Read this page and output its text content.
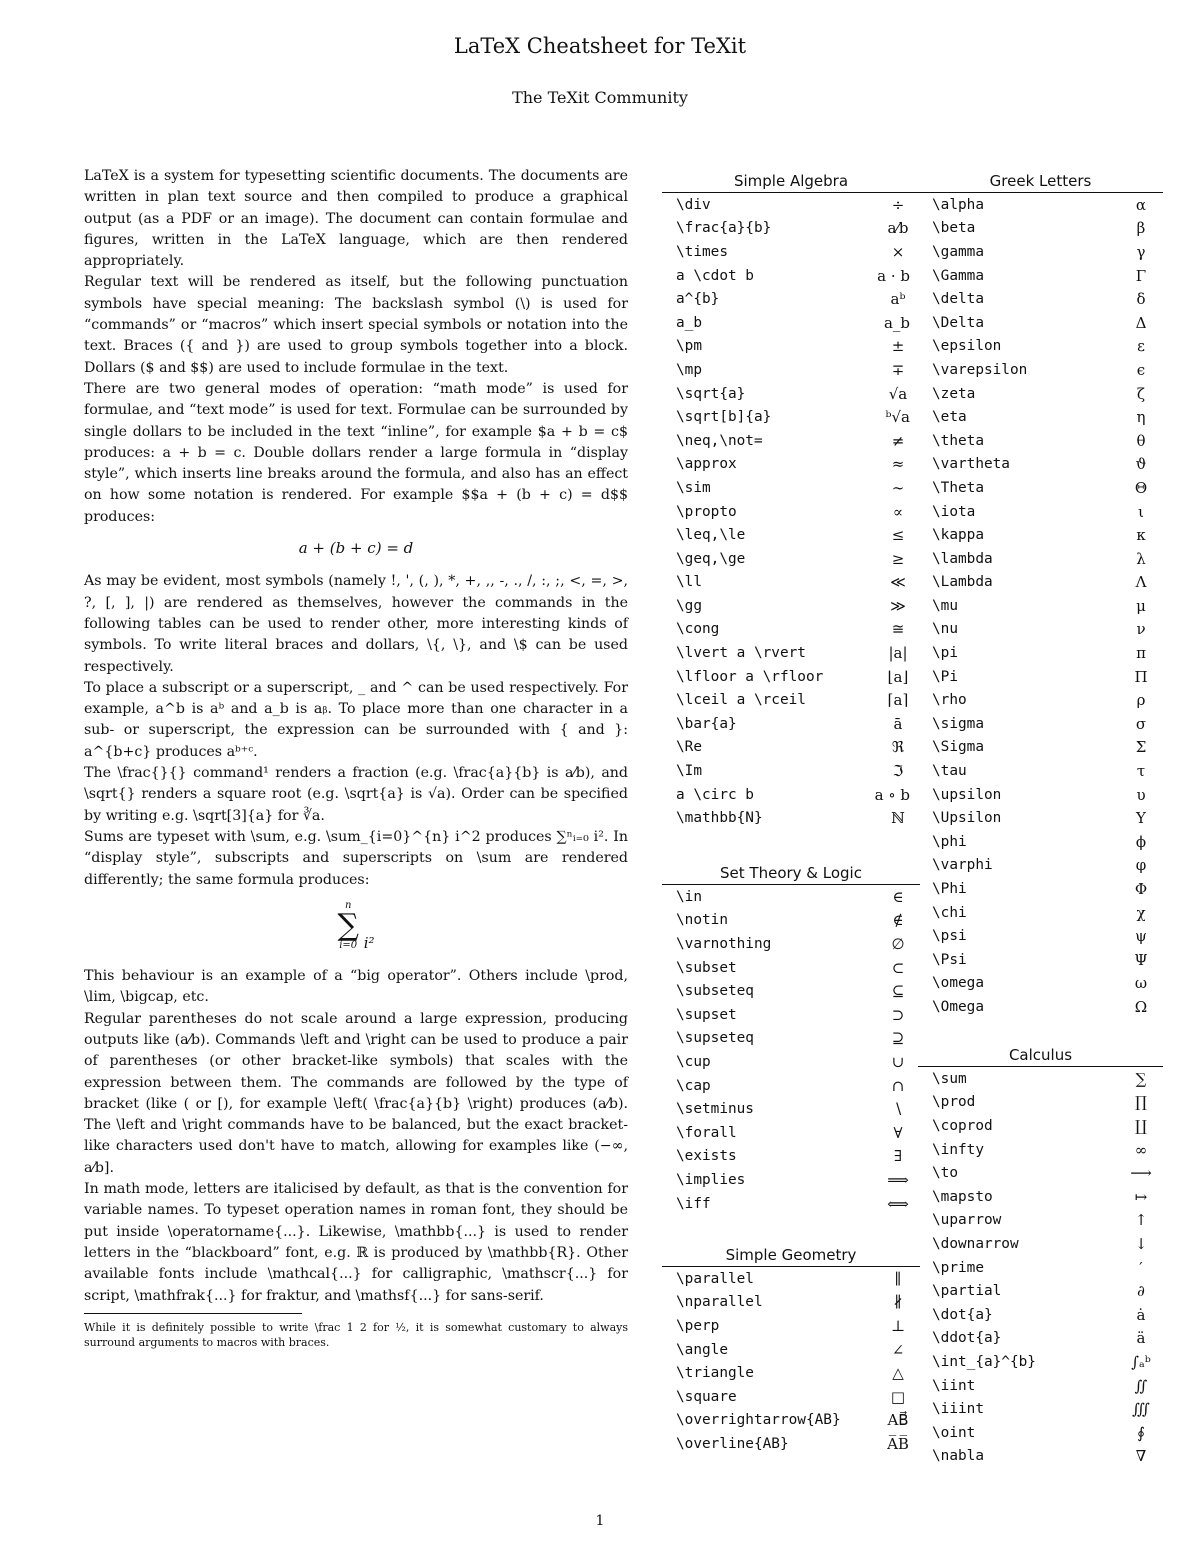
LaTeX Cheatsheet for TeXit
The TeXit Community

LaTeX is a system for typesetting scientific documents. The documents are written in plan text source and then compiled to produce a graphical output (as a PDF or an image). The document can contain formulae and figures, written in the LaTeX language, which are then rendered appropriately.

Regular text will be rendered as itself, but the following punctuation symbols have special meaning: The backslash symbol (\) is used for “commands” or “macros” which insert special symbols or notation into the text. Braces ({ and }) are used to group symbols together into a block. Dollars ($ and $$) are used to include formulae in the text.

There are two general modes of operation: “math mode” is used for formulae, and “text mode” is used for text. Formulae can be surrounded by single dollars to be included in the text “inline”, for example $a + b = c$ produces: a + b = c. Double dollars render a large formula in “display style”, which inserts line breaks around the formula, and also has an effect on how some notation is rendered. For example $$a + (b + c) = d$$ produces:

a + (b + c) = d

As may be evident, most symbols (namely !, ', (, ), *, +, ,, -, ., /, :, ;, <, =, >, ?, [, ], |) are rendered as themselves, however the commands in the following tables can be used to render other, more interesting kinds of symbols. To write literal braces and dollars, \{, \}, and \$ can be used respectively.

To place a subscript or a superscript, _ and ^ can be used respectively. For example, a^b is aᵇ and a_b is aᵦ. To place more than one character in a sub- or superscript, the expression can be surrounded with { and }: a^{b+c} produces aᵇ⁺ᶜ.

The \frac{}{} command¹ renders a fraction (e.g. \frac{a}{b} is a⁄b), and \sqrt{} renders a square root (e.g. \sqrt{a} is √a). Order can be specified by writing e.g. \sqrt[3]{a} for ∛a.

Sums are typeset with \sum, e.g. \sum_{i=0}^{n} i^2 produces ∑ⁿᵢ₌₀ i². In “display style”, subscripts and superscripts on \sum are rendered differently; the same formula produces:

n
∑
i=0 i²

This behaviour is an example of a “big operator”. Others include \prod, \lim, \bigcap, etc.

Regular parentheses do not scale around a large expression, producing outputs like (a⁄b). Commands \left and \right can be used to produce a pair of parentheses (or other bracket-like symbols) that scales with the expression between them. The commands are followed by the type of bracket (like ( or [), for example \left( \frac{a}{b} \right) produces (a⁄b). The \left and \right commands have to be balanced, but the exact bracket-like characters used don't have to match, allowing for examples like (−∞, a⁄b].

In math mode, letters are italicised by default, as that is the convention for variable names. To typeset operation names in roman font, they should be put inside \operatorname{...}. Likewise, \mathbb{...} is used to render letters in the “blackboard” font, e.g. ℝ is produced by \mathbb{R}. Other available fonts include \mathcal{...} for calligraphic, \mathscr{...} for script, \mathfrak{...} for fraktur, and \mathsf{...} for sans-serif.

While it is definitely possible to write \frac 1 2 for ½, it is somewhat customary to always surround arguments to macros with braces.

Simple Algebra
\div	÷
\frac{a}{b}	a⁄b
\times	×
a \cdot b	a · b
a^{b}	aᵇ
a_b	a_b
\pm	±
\mp	∓
\sqrt{a}	√a
\sqrt[b]{a}	ᵇ√a
\neq,\not=	≠
\approx	≈
\sim	∼
\propto	∝
\leq,\le	≤
\geq,\ge	≥
\ll	≪
\gg	≫
\cong	≅
\lvert a \rvert	|a|
\lfloor a \rfloor	⌊a⌋
\lceil a \rceil	⌈a⌉
\bar{a}	ā
\Re	ℜ
\Im	ℑ
a \circ b	a ∘ b
\mathbb{N}	ℕ
Set Theory & Logic
\in	∈
\notin	∉
\varnothing	∅
\subset	⊂
\subseteq	⊆
\supset	⊃
\supseteq	⊇
\cup	∪
\cap	∩
\setminus	∖
\forall	∀
\exists	∃
\implies	⟹
\iff	⟺
Simple Geometry
\parallel	∥
\nparallel	∦
\perp	⊥
\angle	∠
\triangle	△
\square	□
\overrightarrow{AB}	AB⃗
\overline{AB}	A̅B̅
Greek Letters
\alpha	α
\beta	β
\gamma	γ
\Gamma	Γ
\delta	δ
\Delta	Δ
\epsilon	ε
\varepsilon	ϵ
\zeta	ζ
\eta	η
\theta	θ
\vartheta	ϑ
\Theta	Θ
\iota	ι
\kappa	κ
\lambda	λ
\Lambda	Λ
\mu	μ
\nu	ν
\pi	π
\Pi	Π
\rho	ρ
\sigma	σ
\Sigma	Σ
\tau	τ
\upsilon	υ
\Upsilon	Υ
\phi	ϕ
\varphi	φ
\Phi	Φ
\chi	χ
\psi	ψ
\Psi	Ψ
\omega	ω
\Omega	Ω
Calculus
\sum	∑
\prod	∏
\coprod	∐
\infty	∞
\to	⟶
\mapsto	↦
\uparrow	↑
\downarrow	↓
\prime	′
\partial	∂
\dot{a}	ȧ
\ddot{a}	ä
\int_{a}^{b}	∫ₐᵇ
\iint	∬
\iiint	∭
\oint	∮
\nabla	∇
1
